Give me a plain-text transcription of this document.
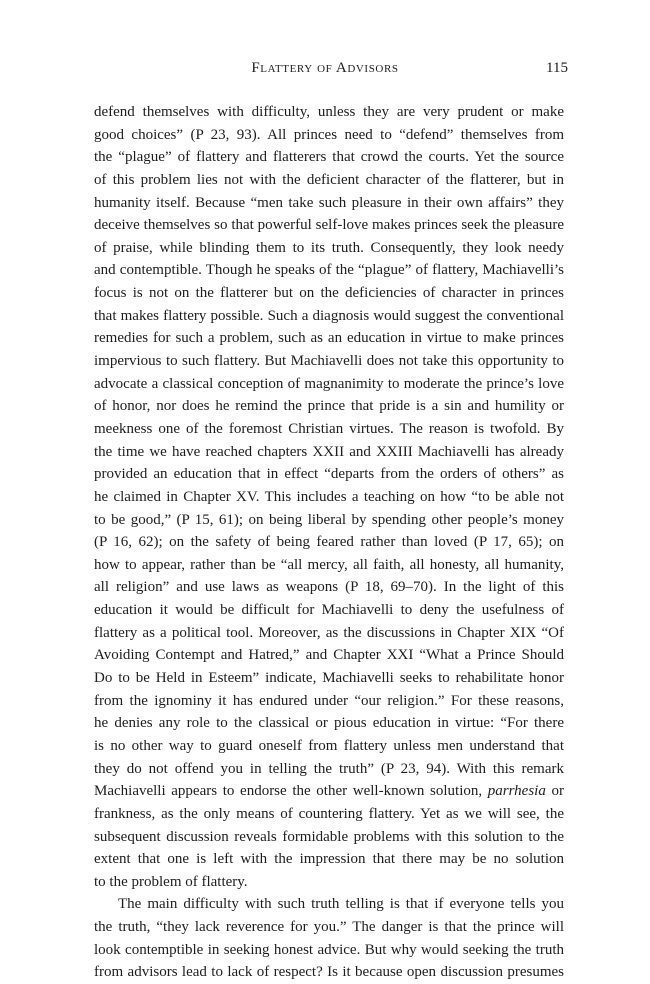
Flattery of Advisors	115
defend themselves with difficulty, unless they are very prudent or make
good choices” (P 23, 93). All princes need to “defend” themselves from
the “plague” of flattery and flatterers that crowd the courts. Yet the source
of this problem lies not with the deficient character of the flatterer, but in
humanity itself. Because “men take such pleasure in their own affairs” they
deceive themselves so that powerful self-love makes princes seek the pleasure
of praise, while blinding them to its truth. Consequently, they look needy
and contemptible. Though he speaks of the “plague” of flattery, Machiavelli’s
focus is not on the flatterer but on the deficiencies of character in princes
that makes flattery possible. Such a diagnosis would suggest the conventional
remedies for such a problem, such as an education in virtue to make princes
impervious to such flattery. But Machiavelli does not take this opportunity to
advocate a classical conception of magnanimity to moderate the prince’s love
of honor, nor does he remind the prince that pride is a sin and humility or
meekness one of the foremost Christian virtues. The reason is twofold. By
the time we have reached chapters XXII and XXIII Machiavelli has already
provided an education that in effect “departs from the orders of others” as
he claimed in Chapter XV. This includes a teaching on how “to be able not
to be good,” (P 15, 61); on being liberal by spending other people’s money
(P 16, 62); on the safety of being feared rather than loved (P 17, 65); on
how to appear, rather than be “all mercy, all faith, all honesty, all humanity,
all religion” and use laws as weapons (P 18, 69–70). In the light of this
education it would be difficult for Machiavelli to deny the usefulness of
flattery as a political tool. Moreover, as the discussions in Chapter XIX “Of
Avoiding Contempt and Hatred,” and Chapter XXI “What a Prince Should
Do to be Held in Esteem” indicate, Machiavelli seeks to rehabilitate honor
from the ignominy it has endured under “our religion.” For these reasons,
he denies any role to the classical or pious education in virtue: “For there
is no other way to guard oneself from flattery unless men understand that
they do not offend you in telling the truth” (P 23, 94). With this remark
Machiavelli appears to endorse the other well-known solution, parrhesia or
frankness, as the only means of countering flattery. Yet as we will see, the
subsequent discussion reveals formidable problems with this solution to the
extent that one is left with the impression that there may be no solution
to the problem of flattery.
The main difficulty with such truth telling is that if everyone tells you
the truth, “they lack reverence for you.” The danger is that the prince will
look contemptible in seeking honest advice. But why would seeking the truth
from advisors lead to lack of respect? Is it because open discussion presumes
